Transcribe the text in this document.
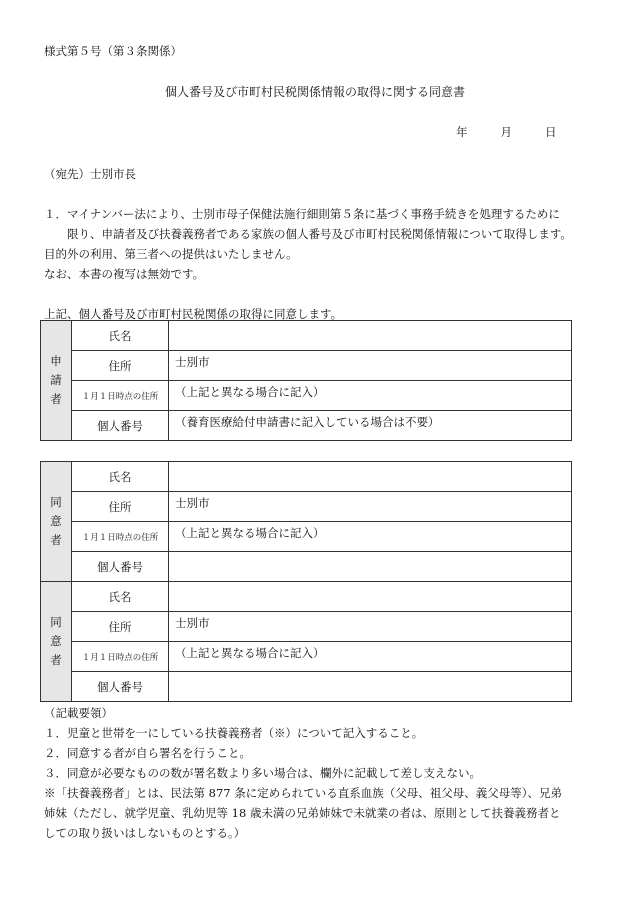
様式第５号（第３条関係）
個人番号及び市町村民税関係情報の取得に関する同意書
年	月	日
（宛先）士別市長
１．マイナンバー法により、士別市母子保健法施行細則第５条に基づく事務手続きを処理するために
　　限り、申請者及び扶養義務者である家族の個人番号及び市町村民税関係情報について取得します。
目的外の利用、第三者への提供はいたしません。
なお、本書の複写は無効です。
上記、個人番号及び市町村民税関係の取得に同意します。
申
請
者	氏名	

	住所	士別市

	１月１日時点の住所	（上記と異なる場合に記入）

	個人番号	（養育医療給付申請書に記入している場合は不要）
同
意
者	氏名	

	住所	士別市

	１月１日時点の住所	（上記と異なる場合に記入）

	個人番号	

同
意
者	氏名	

	住所	士別市

	１月１日時点の住所	（上記と異なる場合に記入）

	個人番号	
（記載要領）
１．児童と世帯を一にしている扶養義務者（※）について記入すること。
２．同意する者が自ら署名を行うこと。
３．同意が必要なものの数が署名数より多い場合は、欄外に記載して差し支えない。
※「扶養義務者」とは、民法第 877 条に定められている直系血族（父母、祖父母、義父母等）、兄弟
姉妹（ただし、就学児童、乳幼児等 18 歳未満の兄弟姉妹で未就業の者は、原則として扶養義務者と
しての取り扱いはしないものとする。）
